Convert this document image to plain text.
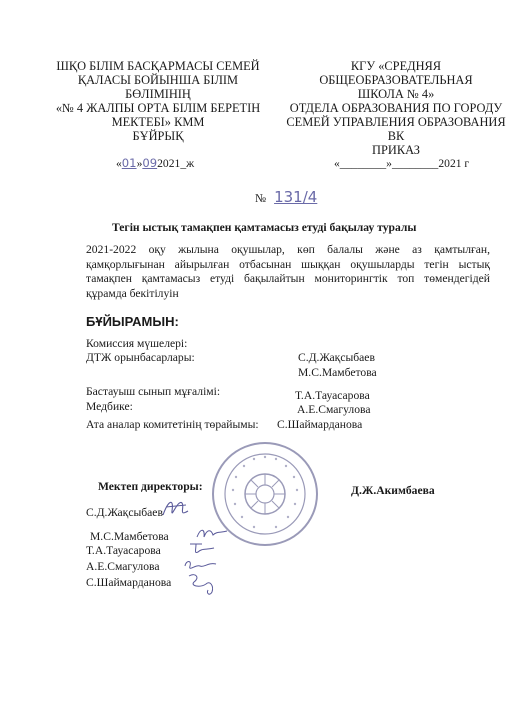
ШҚО БІЛІМ БАСҚАРМАСЫ СЕМЕЙ
ҚАЛАСЫ БОЙЫНША БІЛІМ
БӨЛІМІНІҢ
«№ 4 ЖАЛПЫ ОРТА БІЛІМ БЕРЕТІН
МЕКТЕБІ» КММ
БҰЙРЫҚ
«01»092021_ж
КГУ «СРЕДНЯЯ
ОБЩЕОБРАЗОВАТЕЛЬНАЯ
ШКОЛА № 4»
ОТДЕЛА ОБРАЗОВАНИЯ ПО ГОРОДУ
СЕМЕЙ УПРАВЛЕНИЯ ОБРАЗОВАНИЯ ВК
ПРИКАЗ
«________»________2021 г
№ 131/4
Тегін ыстық тамақпен қамтамасыз етуді бақылау туралы
2021-2022 оқу жылына оқушылар, көп балалы және аз қамтылған,
қамқорлығынан айырылған отбасынан шыққан оқушыларды тегін ыстық
тамақпен қамтамасыз етуді бақылайтын мониторингтік топ төмендегідей
құрамда бекітілуін
БҰЙЫРАМЫН:
Комиссия мүшелері:
ДТЖ орынбасарлары:	С.Д.Жақсыбаев
М.С.Мамбетова
Бастауыш сынып мұғалімі:	Т.А.Тауасарова
Медбике:	А.Е.Смагулова
Ата аналар комитетінің төрайымы: С.Шаймарданова
Мектеп директоры:	Д.Ж.Акимбаева
С.Д.Жақсыбаев
М.С.Мамбетова
Т.А.Тауасарова
А.Е.Смагулова
С.Шаймарданова
